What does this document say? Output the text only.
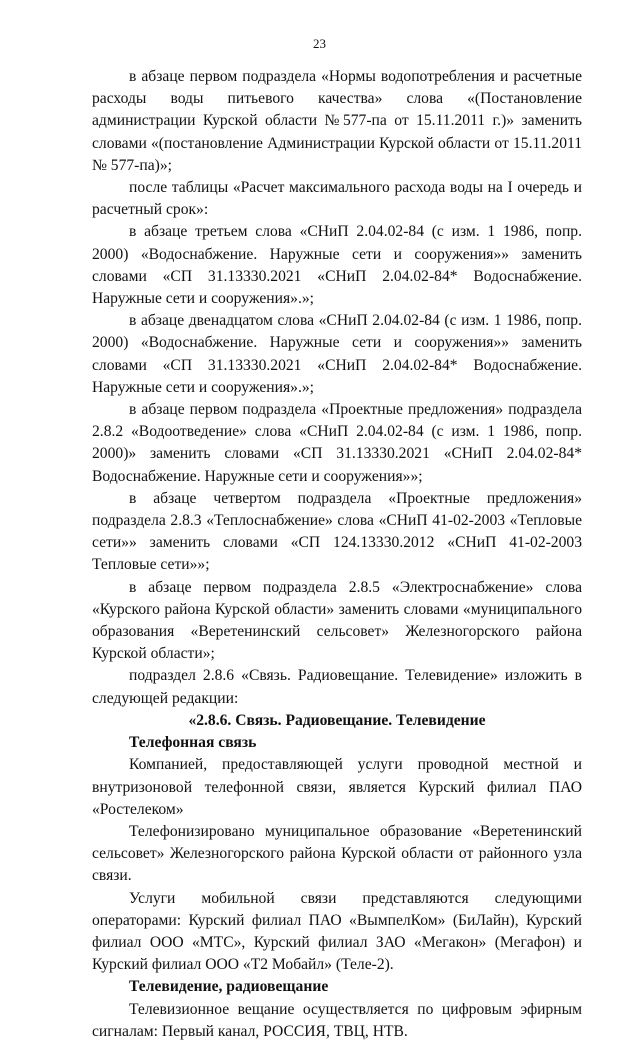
23

в абзаце первом подраздела «Нормы водопотребления и расчетные расходы воды питьевого качества» слова «(Постановление администрации Курской области №577-па от 15.11.2011 г.)» заменить словами «(постановление Администрации Курской области от 15.11.2011 № 577-па)»;

после таблицы «Расчет максимального расхода воды на I очередь и расчетный срок»:

в абзаце третьем слова «СНиП 2.04.02-84 (с изм. 1 1986, попр. 2000) «Водоснабжение. Наружные сети и сооружения»» заменить словами «СП 31.13330.2021 «СНиП 2.04.02-84* Водоснабжение. Наружные сети и сооружения».»;

в абзаце двенадцатом слова «СНиП 2.04.02-84 (с изм. 1 1986, попр. 2000) «Водоснабжение. Наружные сети и сооружения»» заменить словами «СП 31.13330.2021 «СНиП 2.04.02-84* Водоснабжение. Наружные сети и сооружения».»;

в абзаце первом подраздела «Проектные предложения» подраздела 2.8.2 «Водоотведение» слова «СНиП 2.04.02-84 (с изм. 1 1986, попр. 2000)» заменить словами «СП 31.13330.2021 «СНиП 2.04.02-84* Водоснабжение. Наружные сети и сооружения»»;

в абзаце четвертом подраздела «Проектные предложения» подраздела 2.8.3 «Теплоснабжение» слова «СНиП 41-02-2003 «Тепловые сети»» заменить словами «СП 124.13330.2012 «СНиП 41-02-2003 Тепловые сети»»;

в абзаце первом подраздела 2.8.5 «Электроснабжение» слова «Курского района Курской области» заменить словами «муниципального образования «Веретенинский сельсовет» Железногорского района Курской области»;

подраздел 2.8.6 «Связь. Радиовещание. Телевидение» изложить в следующей редакции:

«2.8.6. Связь. Радиовещание. Телевидение

Телефонная связь

Компанией, предоставляющей услуги проводной местной и внутризоновой телефонной связи, является Курский филиал ПАО «Ростелеком»

Телефонизировано муниципальное образование «Веретенинский сельсовет» Железногорского района Курской области от районного узла связи.

Услуги мобильной связи представляются следующими операторами: Курский филиал ПАО «ВымпелКом» (БиЛайн), Курский филиал ООО «МТС», Курский филиал ЗАО «Мегакон» (Мегафон) и Курский филиал ООО «Т2 Мобайл» (Теле-2).

Телевидение, радиовещание

Телевизионное вещание осуществляется по цифровым эфирным сигналам: Первый канал, РОССИЯ, ТВЦ, НТВ.
